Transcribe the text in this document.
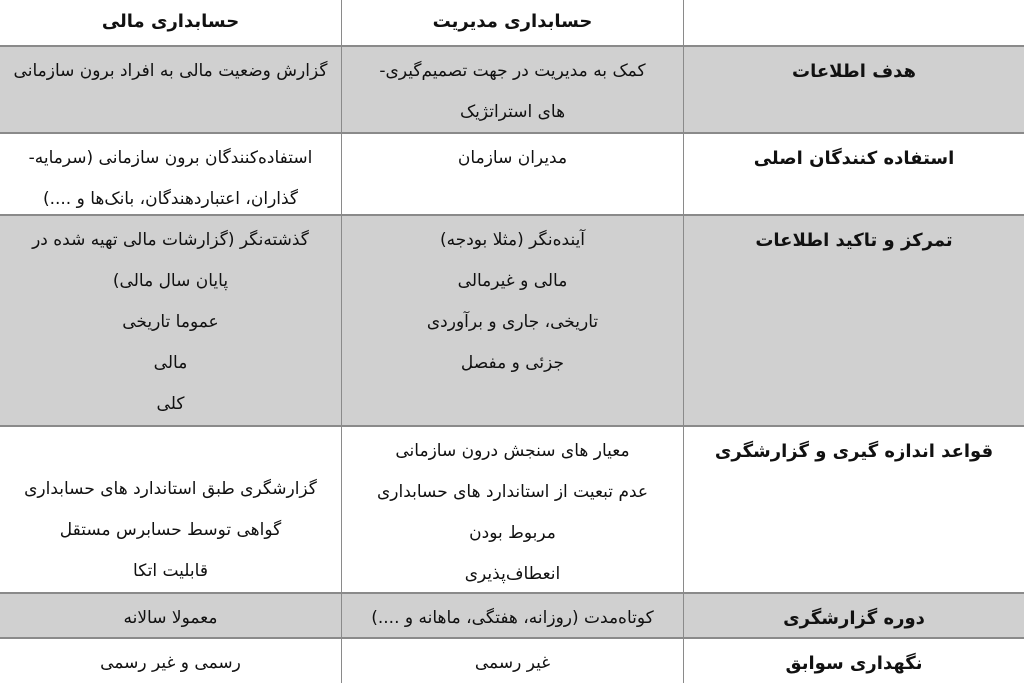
حسابداری مدیریت
حسابداری مالی
هدف اطلاعات
کمک به مدیریت در جهت تصمیم‌گیری-
های استراتژیک
گزارش وضعیت مالی به افراد برون سازمانی
استفاده کنندگان اصلی
مدیران سازمان
استفاده‌کنندگان برون سازمانی (سرمایه-
گذاران، اعتباردهندگان، بانک‌ها و ....)
تمرکز و تاکید اطلاعات
آینده‌نگر (مثلا بودجه)
مالی و غیرمالی
تاریخی، جاری و برآوردی
جزئی و مفصل
گذشته‌نگر (گزارشات مالی تهیه شده در
پایان سال مالی)
عموما تاریخی
مالی
کلی
قواعد اندازه گیری و گزارشگری
معیار های سنجش درون سازمانی
عدم تبعیت از استاندارد های حسابداری
مربوط بودن
انعطاف‌پذیری
گزارشگری طبق استاندارد های حسابداری
گواهی توسط حسابرس مستقل
قابلیت اتکا
دوره گزارشگری
کوتاه‌مدت (روزانه، هفتگی، ماهانه و ....)
معمولا سالانه
نگهداری سوابق
غیر رسمی
رسمی و غیر رسمی
